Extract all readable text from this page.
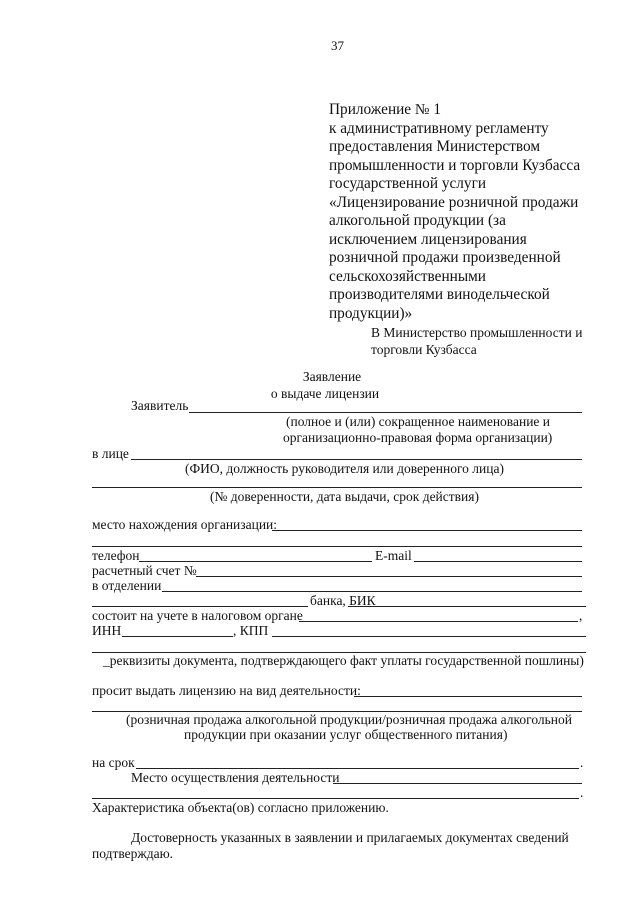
37
Приложение № 1
к административному регламенту
предоставления Министерством
промышленности и торговли Кузбасса
государственной услуги
«Лицензирование розничной продажи
алкогольной продукции (за
исключением лицензирования
розничной продажи произведенной
сельскохозяйственными
производителями винодельческой
продукции)»
В Министерство промышленности и
торговли Кузбасса
Заявление
о выдаче лицензии
Заявитель
(полное и (или) сокращенное наименование и
организационно-правовая форма организации)
в лице
(ФИО, должность руководителя или доверенного лица)
(№ доверенности, дата выдачи, срок действия)
место нахождения организации:
телефон	E-mail
расчетный счет №
в отделении
банка, БИК
состоит на учете в налоговом органе	,
ИНН	, КПП
_реквизиты документа, подтверждающего факт уплаты государственной пошлины)
просит выдать лицензию на вид деятельности:
(розничная продажа алкогольной продукции/розничная продажа алкогольной
продукции при оказании услуг общественного питания)
на срок	.
Место осуществления деятельности
.
Характеристика объекта(ов) согласно приложению.
Достоверность указанных в заявлении и прилагаемых документах сведений
подтверждаю.
